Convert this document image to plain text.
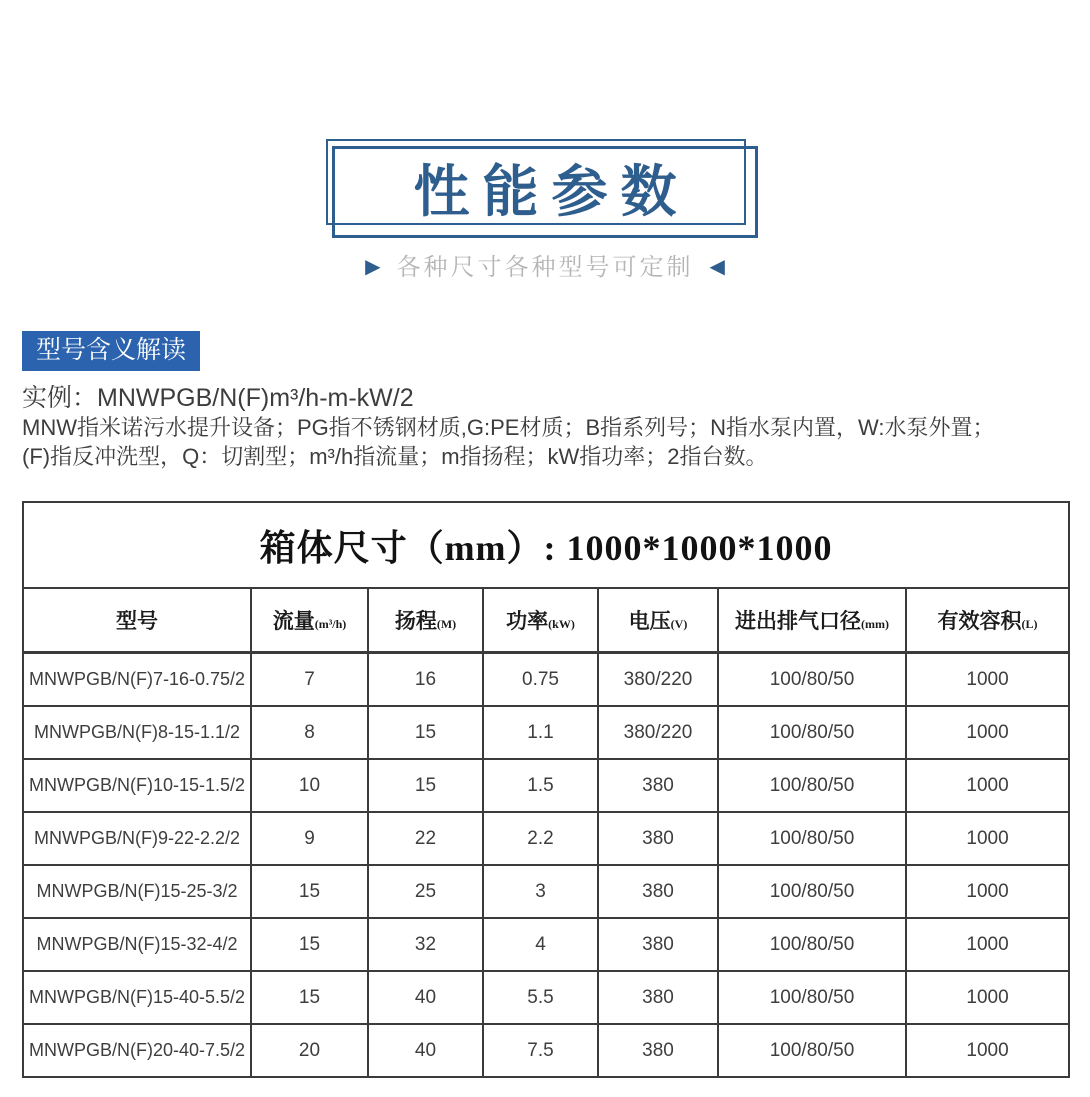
性能参数
▶ 各种尺寸各种型号可定制 ◀
型号含义解读

实例：MNWPGB/N(F)m³/h-m-kW/2

MNW指米诺污水提升设备；PG指不锈钢材质,G:PE材质；B指系列号；N指水泵内置，W:水泵外置；

(F)指反冲洗型，Q：切割型；m³/h指流量；m指扬程；kW指功率；2指台数。

箱体尺寸（mm）: 1000*1000*1000						
型号	流量(m³/h)	扬程(M)	功率(kW)	电压(V)	进出排气口径(mm)	有效容积(L)
MNWPGB/N(F)7-16-0.75/2	7	16	0.75	380/220	100/80/50	1000
MNWPGB/N(F)8-15-1.1/2	8	15	1.1	380/220	100/80/50	1000
MNWPGB/N(F)10-15-1.5/2	10	15	1.5	380	100/80/50	1000
MNWPGB/N(F)9-22-2.2/2	9	22	2.2	380	100/80/50	1000
MNWPGB/N(F)15-25-3/2	15	25	3	380	100/80/50	1000
MNWPGB/N(F)15-32-4/2	15	32	4	380	100/80/50	1000
MNWPGB/N(F)15-40-5.5/2	15	40	5.5	380	100/80/50	1000
MNWPGB/N(F)20-40-7.5/2	20	40	7.5	380	100/80/50	1000
